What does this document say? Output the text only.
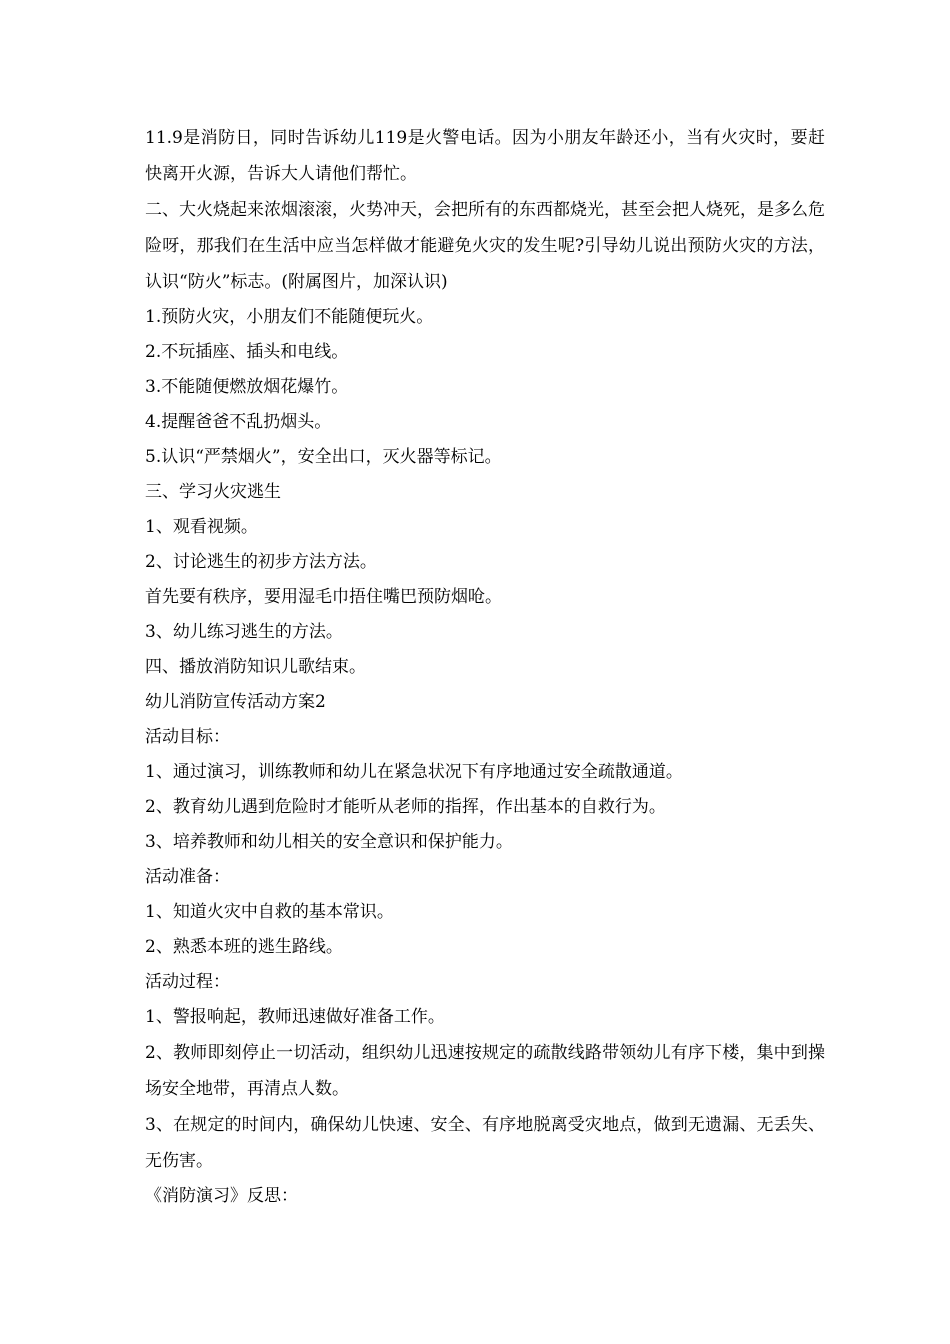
11.9是消防日，同时告诉幼儿119是火警电话。因为小朋友年龄还小，当有火灾时，要赶快离开火源，告诉大人请他们帮忙。

二、大火烧起来浓烟滚滚，火势冲天，会把所有的东西都烧光，甚至会把人烧死，是多么危险呀，那我们在生活中应当怎样做才能避免火灾的发生呢?引导幼儿说出预防火灾的方法，认识“防火”标志。(附属图片，加深认识)

1.预防火灾，小朋友们不能随便玩火。

2.不玩插座、插头和电线。

3.不能随便燃放烟花爆竹。

4.提醒爸爸不乱扔烟头。

5.认识“严禁烟火”，安全出口，灭火器等标记。

三、学习火灾逃生

1、观看视频。

2、讨论逃生的初步方法方法。

首先要有秩序，要用湿毛巾捂住嘴巴预防烟呛。

3、幼儿练习逃生的方法。

四、播放消防知识儿歌结束。

幼儿消防宣传活动方案2

活动目标：

1、通过演习，训练教师和幼儿在紧急状况下有序地通过安全疏散通道。

2、教育幼儿遇到危险时才能听从老师的指挥，作出基本的自救行为。

3、培养教师和幼儿相关的安全意识和保护能力。

活动准备：

1、知道火灾中自救的基本常识。

2、熟悉本班的逃生路线。

活动过程：

1、警报响起，教师迅速做好准备工作。

2、教师即刻停止一切活动，组织幼儿迅速按规定的疏散线路带领幼儿有序下楼，集中到操场安全地带，再清点人数。

3、在规定的时间内，确保幼儿快速、安全、有序地脱离受灾地点，做到无遗漏、无丢失、无伤害。

《消防演习》反思：
